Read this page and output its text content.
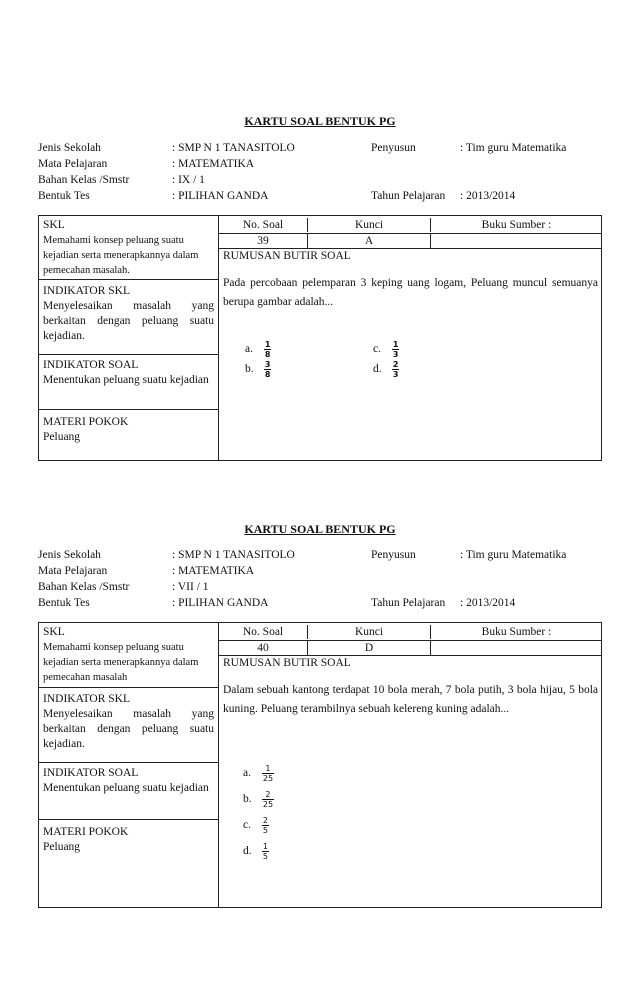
KARTU SOAL BENTUK PG
Jenis Sekolah	: SMP N 1 TANASITOLO	Penyusun	: Tim guru Matematika
Mata Pelajaran	: MATEMATIKA
Bahan Kelas /Smstr	: IX / 1
Bentuk Tes	: PILIHAN GANDA	Tahun Pelajaran : 2013/2014
SKL
Memahami konsep peluang suatu kejadian serta menerapkannya dalam pemecahan masalah.
INDIKATOR SKL
Menyelesaikan masalah yang berkaitan dengan peluang suatu kejadian.
INDIKATOR SOAL
Menentukan peluang suatu kejadian
MATERI POKOK
Peluang
No. Soal	Kunci	Buku Sumber :
39	A
RUMUSAN BUTIR SOAL
Pada percobaan pelemparan 3 keping uang logam, Peluang muncul semuanya berupa gambar adalah...
a. $\frac{1}{8}$
b. $\frac{3}{8}$
c. $\frac{1}{3}$
d. $\frac{2}{3}$
KARTU SOAL BENTUK PG
Jenis Sekolah	: SMP N 1 TANASITOLO	Penyusun	: Tim guru Matematika
Mata Pelajaran	: MATEMATIKA
Bahan Kelas /Smstr	: VII / 1
Bentuk Tes	: PILIHAN GANDA	Tahun Pelajaran : 2013/2014
SKL
Memahami konsep peluang suatu kejadian serta menerapkannya dalam pemecahan masalah
INDIKATOR SKL
Menyelesaikan masalah yang berkaitan dengan peluang suatu kejadian.
INDIKATOR SOAL
Menentukan peluang suatu kejadian
MATERI POKOK
Peluang
No. Soal	Kunci	Buku Sumber :
40	D
RUMUSAN BUTIR SOAL
Dalam sebuah kantong terdapat 10 bola merah, 7 bola putih, 3 bola hijau, 5 bola kuning. Peluang terambilnya sebuah kelereng kuning adalah...
a. $\frac{1}{25}$
b. $\frac{2}{25}$
c. $\frac{2}{5}$
d. $\frac{1}{5}$
